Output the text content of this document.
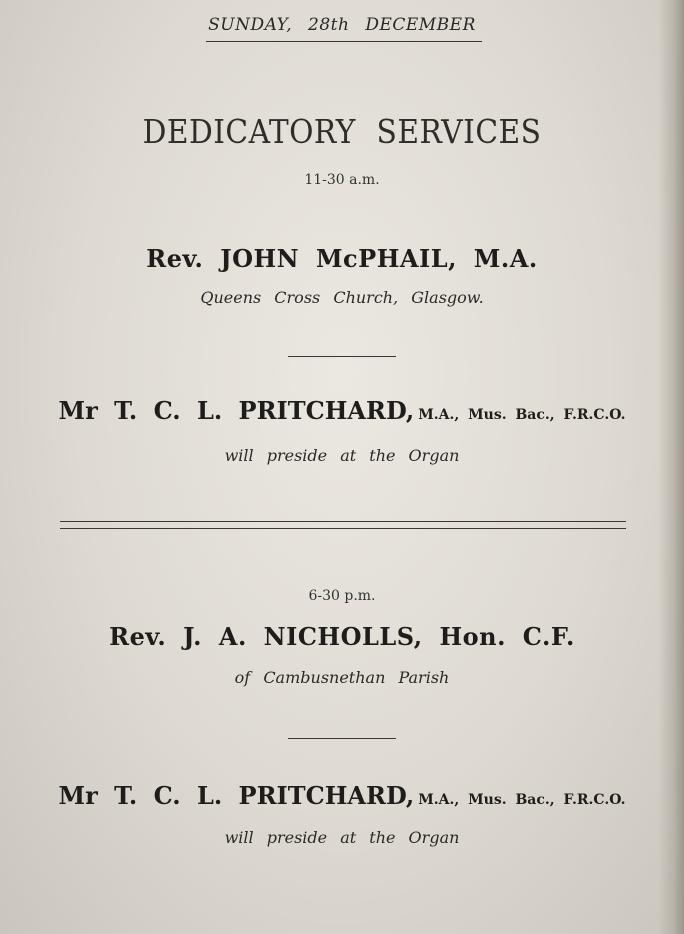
SUNDAY, 28th DECEMBER
DEDICATORY SERVICES
11-30 a.m.
Rev. JOHN McPHAIL, M.A.
Queens Cross Church, Glasgow.
Mr T. C. L. PRITCHARD, M.A., Mus. Bac., F.R.C.O.
will preside at the Organ
6-30 p.m.
Rev. J. A. NICHOLLS, Hon. C.F.
of Cambusnethan Parish
Mr T. C. L. PRITCHARD, M.A., Mus. Bac., F.R.C.O.
will preside at the Organ
